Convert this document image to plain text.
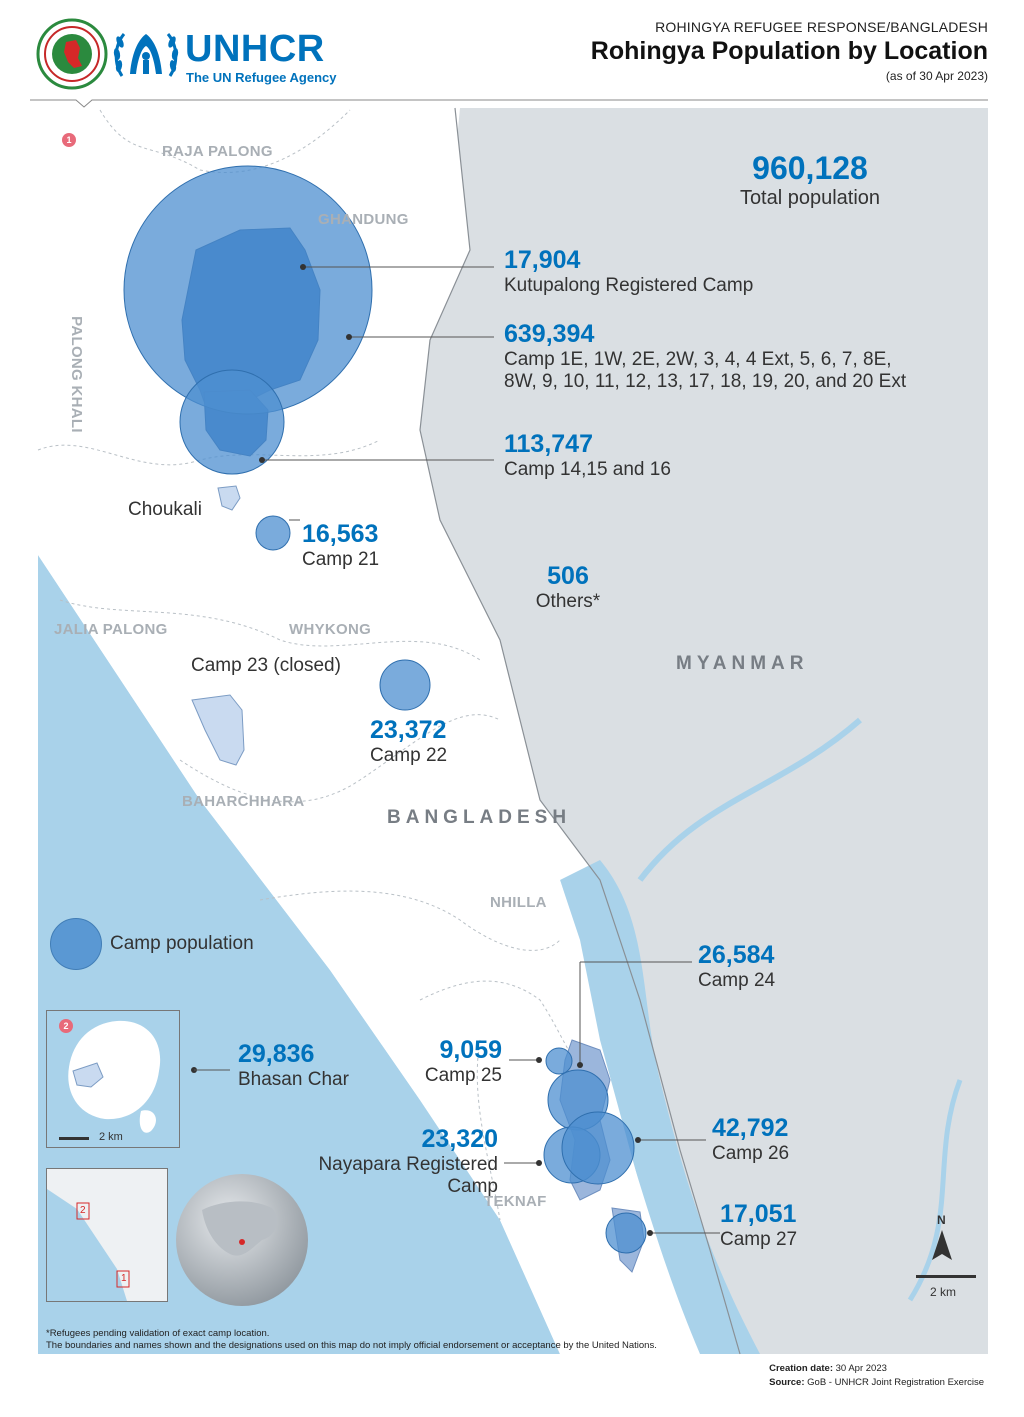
UNHCR
The UN Refugee Agency
ROHINGYA REFUGEE RESPONSE/BANGLADESH
Rohingya Population by Location
(as of 30 Apr 2023)
1
RAJA PALONG
GHANDUNG
PALONG KHALI
Choukali
Camp 23 (closed)
JALIA PALONG	WHYKONG
BAHARCHHARA
NHILLA
TEKNAF
BANGLADESH
MYANMAR
960,128
Total population
17,904
Kutupalong Registered Camp
639,394
Camp 1E, 1W, 2E, 2W, 3, 4, 4 Ext, 5, 6, 7, 8E,
8W, 9, 10, 11, 12, 13, 17, 18, 19, 20, and 20 Ext
113,747
Camp 14,15 and 16
16,563
Camp 21
506
Others*
23,372
Camp 22
26,584
Camp 24
9,059
Camp 25
23,320
Nayapara Registered
Camp
42,792
Camp 26
17,051
Camp 27
29,836
Bhasan Char
Camp population
2
2 km
2
1
N
2 km
*Refugees pending validation of exact camp location.
The boundaries and names shown and the designations used on this map do not imply official endorsement or acceptance by the United Nations.
Creation date: 30 Apr 2023
Source: GoB - UNHCR Joint Registration Exercise
